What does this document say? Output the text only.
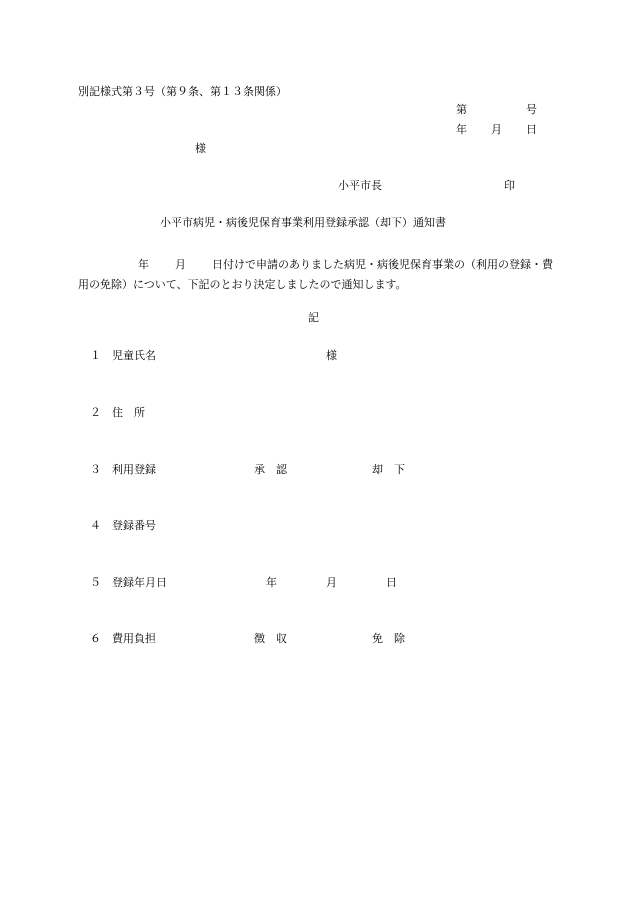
別記様式第３号（第９条、第１３条関係）
第	号
年 月 日
様
小平市長	印
小平市病児・病後児保育事業利用登録承認（却下）通知書
年 月 日付けで申請のありました病児・病後児保育事業の（利用の登録・費用の免除）について、下記のとおり決定しましたので通知します。
記
１ 児童氏名	様
２ 住　所
３ 利用登録	承　認	却　下
４ 登録番号
５ 登録年月日	年	月	日
６ 費用負担	徴　収	免　除
